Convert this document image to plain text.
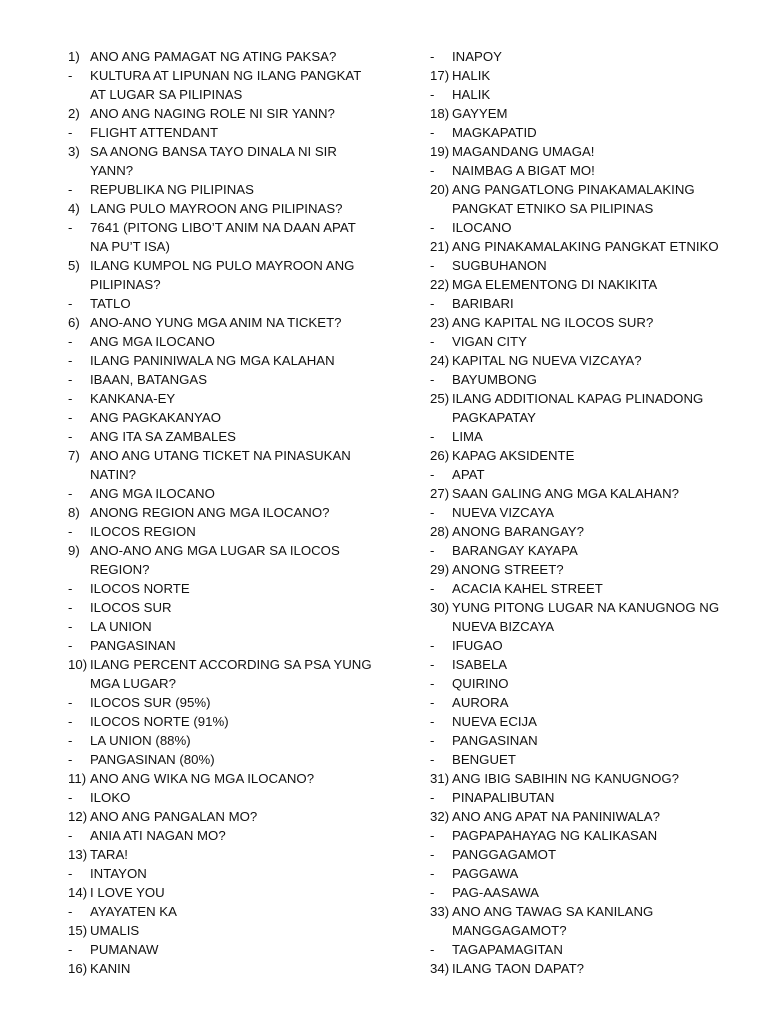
1) ANO ANG PAMAGAT NG ATING PAKSA?
-	KULTURA AT LIPUNAN NG ILANG PANGKAT
AT LUGAR SA PILIPINAS
2) ANO ANG NAGING ROLE NI SIR YANN?
-	FLIGHT ATTENDANT
3) SA ANONG BANSA TAYO DINALA NI SIR
YANN?
-	REPUBLIKA NG PILIPINAS
4) LANG PULO MAYROON ANG PILIPINAS?
-	7641 (PITONG LIBO’T ANIM NA DAAN APAT
NA PU’T ISA)
5) ILANG KUMPOL NG PULO MAYROON ANG
PILIPINAS?
-	TATLO
6) ANO-ANO YUNG MGA ANIM NA TICKET?
-	ANG MGA ILOCANO
-	ILANG PANINIWALA NG MGA KALAHAN
-	IBAAN, BATANGAS
-	KANKANA-EY
-	ANG PAGKAKANYAO
-	ANG ITA SA ZAMBALES
7) ANO ANG UTANG TICKET NA PINASUKAN
NATIN?
-	ANG MGA ILOCANO
8) ANONG REGION ANG MGA ILOCANO?
-	ILOCOS REGION
9) ANO-ANO ANG MGA LUGAR SA ILOCOS
REGION?
-	ILOCOS NORTE
-	ILOCOS SUR
-	LA UNION
-	PANGASINAN
10) ILANG PERCENT ACCORDING SA PSA YUNG
MGA LUGAR?
-	ILOCOS SUR (95%)
-	ILOCOS NORTE (91%)
-	LA UNION (88%)
-	PANGASINAN (80%)
11) ANO ANG WIKA NG MGA ILOCANO?
-	ILOKO
12) ANO ANG PANGALAN MO?
-	ANIA ATI NAGAN MO?
13) TARA!
-	INTAYON
14) I LOVE YOU
-	AYAYATEN KA
15) UMALIS
-	PUMANAW
16) KANIN
-	INAPOY
17) HALIK
-	HALIK
18) GAYYEM
-	MAGKAPATID
19) MAGANDANG UMAGA!
-	NAIMBAG A BIGAT MO!
20) ANG PANGATLONG PINAKAMALAKING
PANGKAT ETNIKO SA PILIPINAS
-	ILOCANO
21) ANG PINAKAMALAKING PANGKAT ETNIKO
-	SUGBUHANON
22) MGA ELEMENTONG DI NAKIKITA
-	BARIBARI
23) ANG KAPITAL NG ILOCOS SUR?
-	VIGAN CITY
24) KAPITAL NG NUEVA VIZCAYA?
-	BAYUMBONG
25) ILANG ADDITIONAL KAPAG PLINADONG
PAGKAPATAY
-	LIMA
26) KAPAG AKSIDENTE
-	APAT
27) SAAN GALING ANG MGA KALAHAN?
-	NUEVA VIZCAYA
28) ANONG BARANGAY?
-	BARANGAY KAYAPA
29) ANONG STREET?
-	ACACIA KAHEL STREET
30) YUNG PITONG LUGAR NA KANUGNOG NG
NUEVA BIZCAYA
-	IFUGAO
-	ISABELA
-	QUIRINO
-	AURORA
-	NUEVA ECIJA
-	PANGASINAN
-	BENGUET
31) ANG IBIG SABIHIN NG KANUGNOG?
-	PINAPALIBUTAN
32) ANO ANG APAT NA PANINIWALA?
-	PAGPAPAHAYAG NG KALIKASAN
-	PANGGAGAMOT
-	PAGGAWA
-	PAG-AASAWA
33) ANO ANG TAWAG SA KANILANG
MANGGAGAMOT?
-	TAGAPAMAGITAN
34) ILANG TAON DAPAT?
